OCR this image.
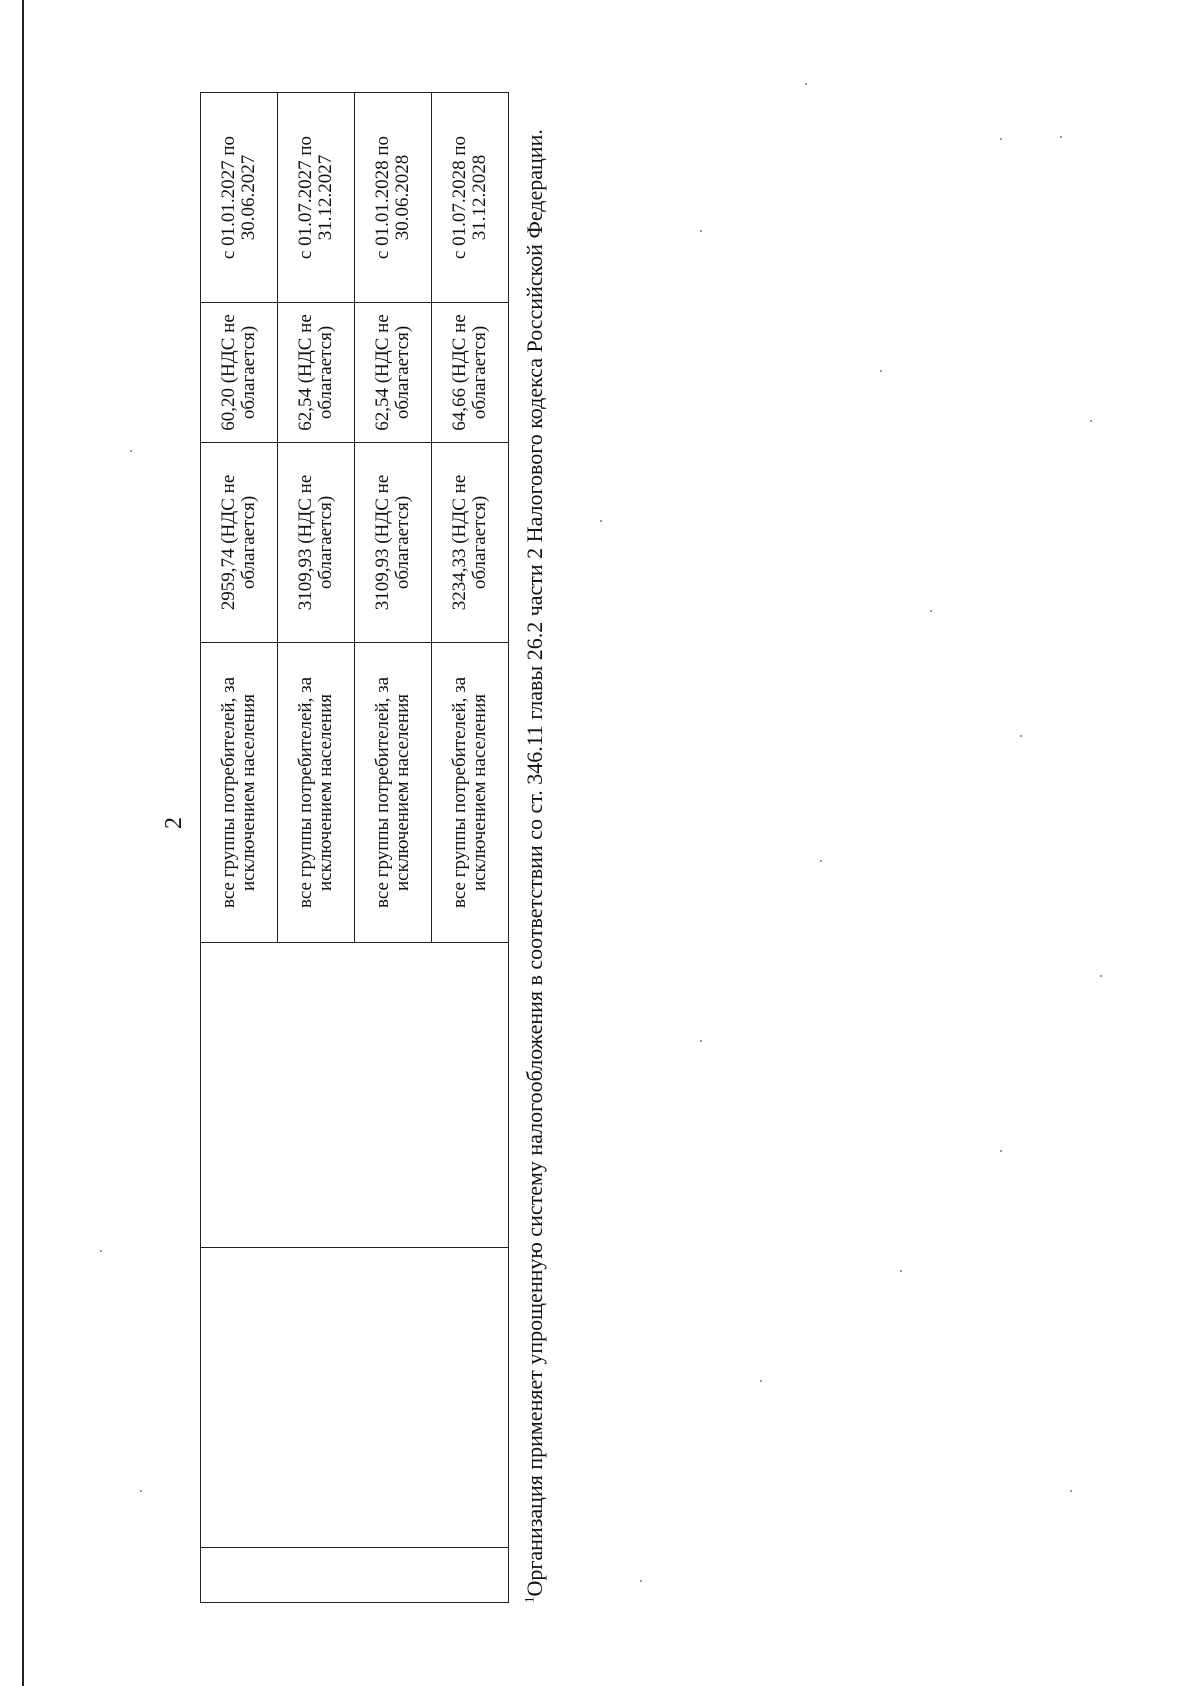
2
			все группы потребителей, за исключением населения	2959,74 (НДС не облагается)	60,20 (НДС не облагается)	с 01.01.2027 по 30.06.2027
			все группы потребителей, за исключением населения	3109,93 (НДС не облагается)	62,54 (НДС не облагается)	с 01.07.2027 по 31.12.2027
			все группы потребителей, за исключением населения	3109,93 (НДС не облагается)	62,54 (НДС не облагается)	с 01.01.2028 по 30.06.2028
			все группы потребителей, за исключением населения	3234,33 (НДС не облагается)	64,66 (НДС не облагается)	с 01.07.2028 по 31.12.2028
$^1$Организация применяет упрощенную систему налогообложения в соответствии со ст. 346.11 главы 26.2 части 2 Налогового кодекса Российской Федерации.
